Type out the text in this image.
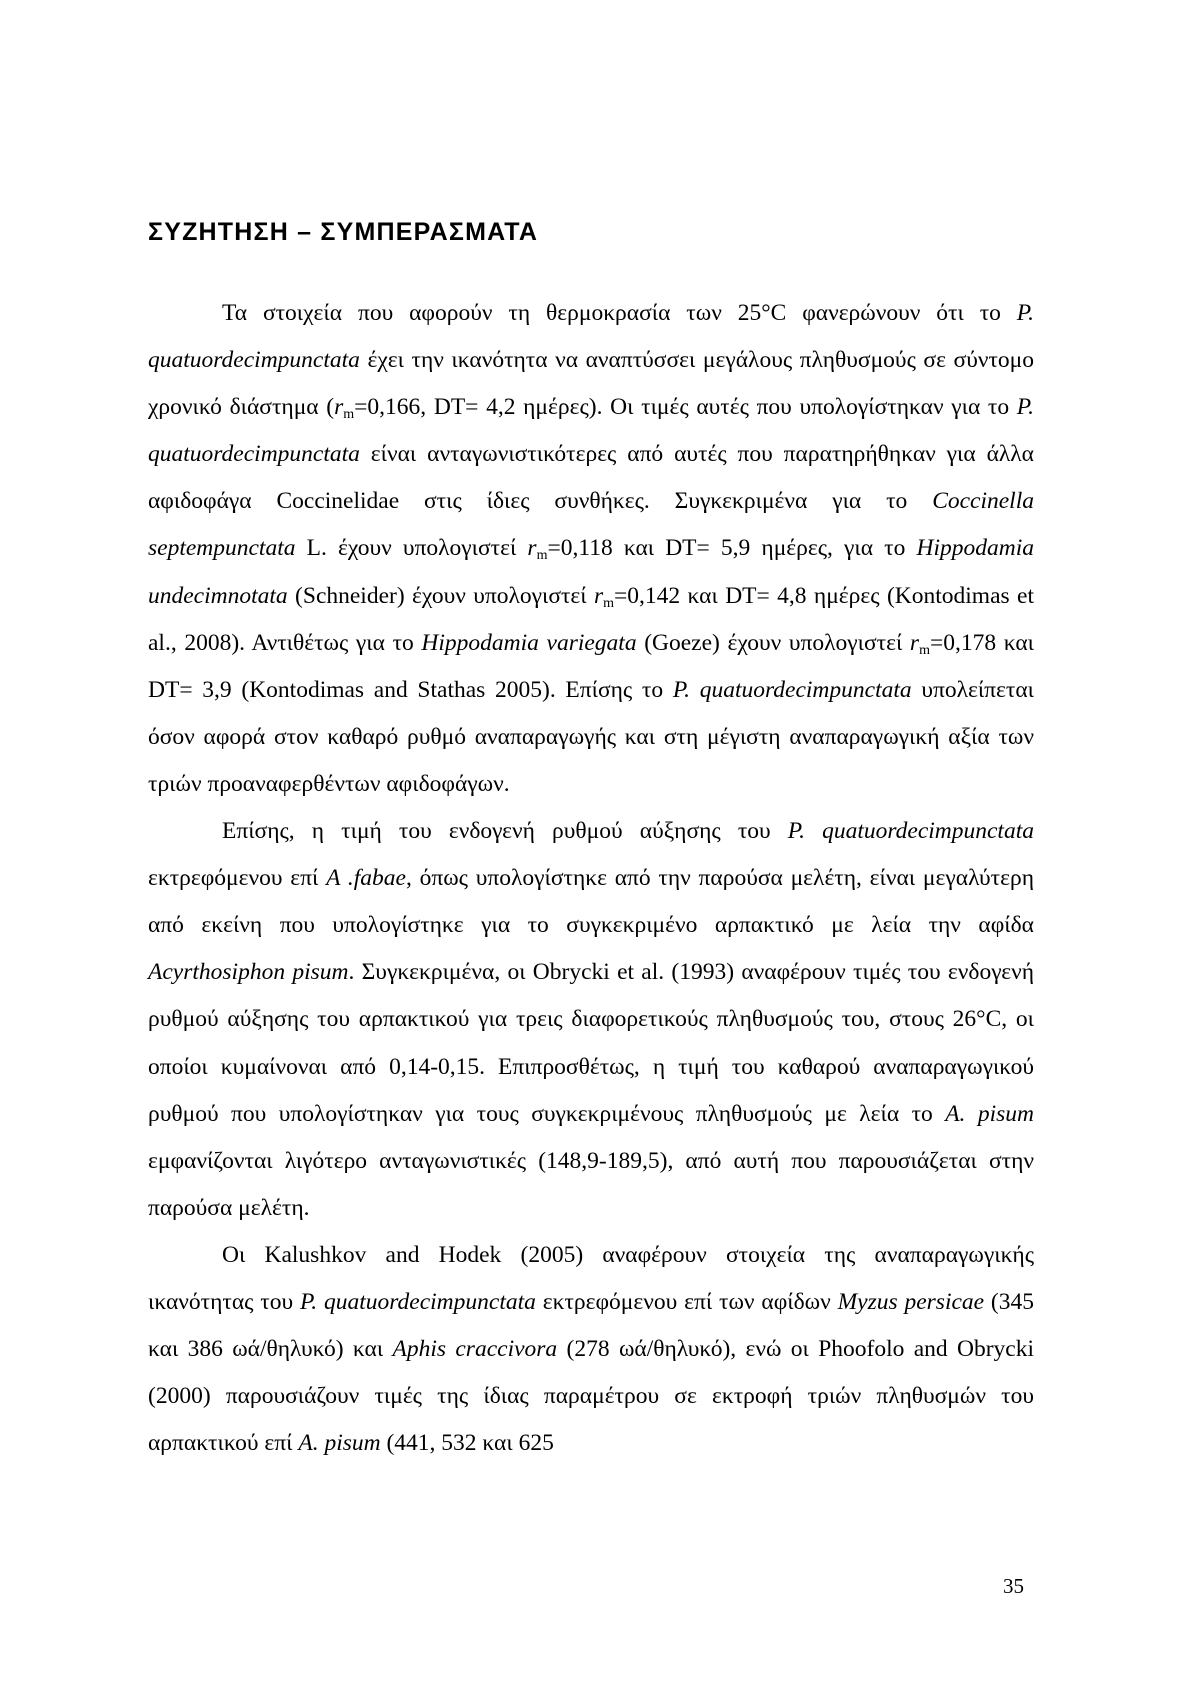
ΣΥΖΗΤΗΣΗ – ΣΥΜΠΕΡΑΣΜΑΤΑ

Τα στοιχεία που αφορούν τη θερμοκρασία των 25°C φανερώνουν ότι το P. quatuordecimpunctata έχει την ικανότητα να αναπτύσσει μεγάλους πληθυσμούς σε σύντομο χρονικό διάστημα ($r_m=0,166$, DT= 4,2 ημέρες). Οι τιμές αυτές που υπολογίστηκαν για το P. quatuordecimpunctata είναι ανταγωνιστικότερες από αυτές που παρατηρήθηκαν για άλλα αφιδοφάγα Coccinelidae στις ίδιες συνθήκες. Συγκεκριμένα για το Coccinella septempunctata L. έχουν υπολογιστεί $r_m=0,118$ και DT= 5,9 ημέρες, για το Hippodamia undecimnotata (Schneider) έχουν υπολογιστεί $r_m=0,142$ και DT= 4,8 ημέρες (Kontodimas et al., 2008). Αντιθέτως για το Hippodamia variegata (Goeze) έχουν υπολογιστεί $r_m=0,178$ και DT= 3,9 (Kontodimas and Stathas 2005). Επίσης το P. quatuordecimpunctata υπολείπεται όσον αφορά στον καθαρό ρυθμό αναπαραγωγής και στη μέγιστη αναπαραγωγική αξία των τριών προαναφερθέντων αφιδοφάγων.

Επίσης, η τιμή του ενδογενή ρυθμού αύξησης του P. quatuordecimpunctata εκτρεφόμενου επί A .fabae, όπως υπολογίστηκε από την παρούσα μελέτη, είναι μεγαλύτερη από εκείνη που υπολογίστηκε για το συγκεκριμένο αρπακτικό με λεία την αφίδα Acyrthosiphon pisum. Συγκεκριμένα, οι Obrycki et al. (1993) αναφέρουν τιμές του ενδογενή ρυθμού αύξησης του αρπακτικού για τρεις διαφορετικούς πληθυσμούς του, στους 26°C, οι οποίοι κυμαίνοναι από 0,14-0,15. Επιπροσθέτως, η τιμή του καθαρού αναπαραγωγικού ρυθμού που υπολογίστηκαν για τους συγκεκριμένους πληθυσμούς με λεία το A. pisum εμφανίζονται λιγότερο ανταγωνιστικές (148,9-189,5), από αυτή που παρουσιάζεται στην παρούσα μελέτη.

Οι Kalushkov and Hodek (2005) αναφέρουν στοιχεία της αναπαραγωγικής ικανότητας του P. quatuordecimpunctata εκτρεφόμενου επί των αφίδων Myzus persicae (345 και 386 ωά/θηλυκό) και Aphis craccivora (278 ωά/θηλυκό), ενώ οι Phoofolo and Obrycki (2000) παρουσιάζουν τιμές της ίδιας παραμέτρου σε εκτροφή τριών πληθυσμών του αρπακτικού επί A. pisum (441, 532 και 625

35
